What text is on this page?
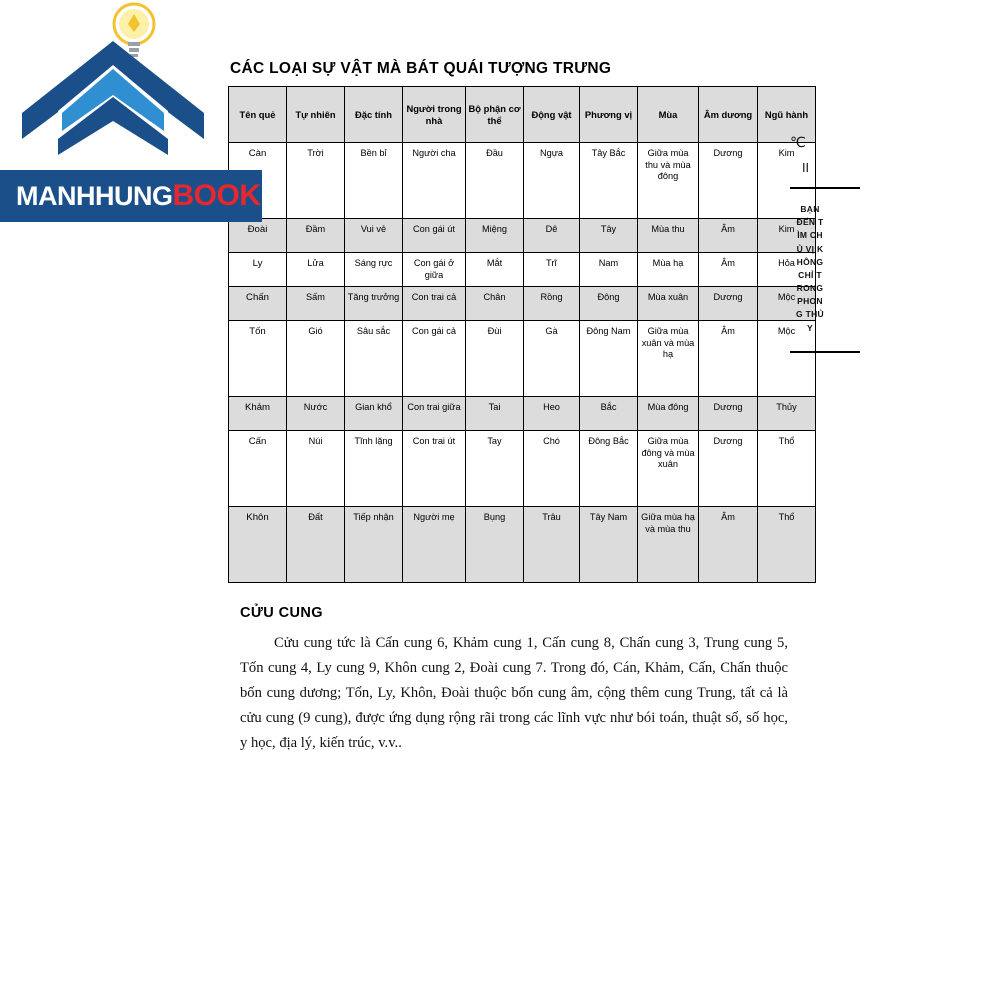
MANHHUNG BOOK
CÁC LOẠI SỰ VẬT MÀ BÁT QUÁI TƯỢNG TRƯNG
Tên quẻ	Tự nhiên	Đặc tính	Người trong nhà	Bộ phận cơ thể	Động vật	Phương vị	Mùa	Âm dương	Ngũ hành
Càn	Trời	Bền bỉ	Người cha	Đầu	Ngựa	Tây Bắc	Giữa mùa thu và mùa đông	Dương	Kim
Đoài	Đầm	Vui vẻ	Con gái út	Miệng	Dê	Tây	Mùa thu	Âm	Kim
Ly	Lửa	Sáng rực	Con gái ở giữa	Mắt	Trĩ	Nam	Mùa hạ	Âm	Hỏa
Chấn	Sấm	Tăng trưởng	Con trai cả	Chân	Rồng	Đông	Mùa xuân	Dương	Mộc
Tốn	Gió	Sâu sắc	Con gái cả	Đùi	Gà	Đông Nam	Giữa mùa xuân và mùa hạ	Âm	Mộc
Khảm	Nước	Gian khổ	Con trai giữa	Tai	Heo	Bắc	Mùa đông	Dương	Thủy
Cấn	Núi	Tĩnh lặng	Con trai út	Tay	Chó	Đông Bắc	Giữa mùa đông và mùa xuân	Dương	Thổ
Khôn	Đất	Tiếp nhận	Người mẹ	Bụng	Trâu	Tây Nam	Giữa mùa hạ và mùa thu	Âm	Thổ
CỬU CUNG

Cửu cung tức là Cấn cung 6, Khảm cung 1, Cấn cung 8, Chấn cung 3, Trung cung 5, Tốn cung 4, Ly cung 9, Khôn cung 2, Đoài cung 7. Trong đó, Cán, Khảm, Cấn, Chấn thuộc bốn cung dương; Tốn, Ly, Khôn, Đoài thuộc bốn cung âm, cộng thêm cung Trung, tất cả là cửu cung (9 cung), được ứng dụng rộng rãi trong các lĩnh vực như bói toán, thuật số, số học, y học, địa lý, kiến trúc, v.v..

℃
II
BẠN ĐẾN TÌM CHỦ VỊ KHÔNG CHỈ TRONG PHONG THỦY
